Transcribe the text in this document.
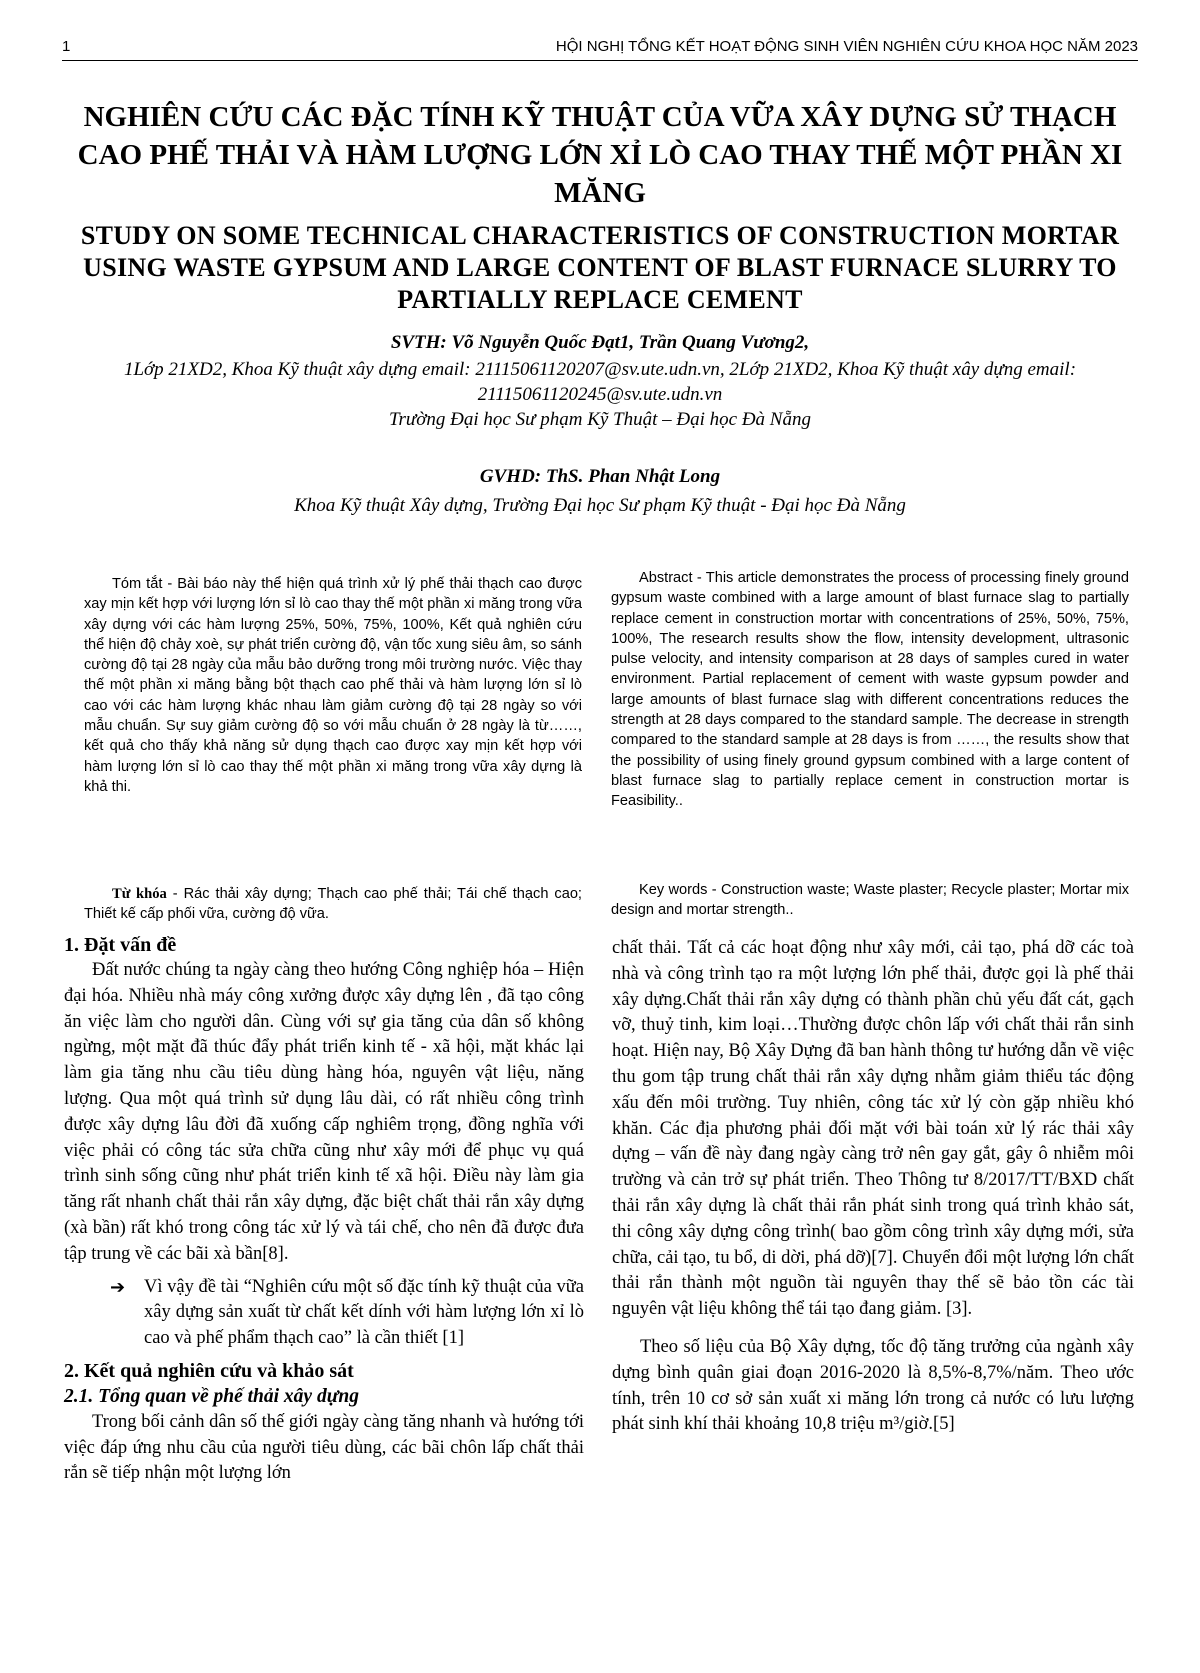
1	HỘI NGHỊ TỔNG KẾT HOẠT ĐỘNG SINH VIÊN NGHIÊN CỨU KHOA HỌC NĂM 2023
NGHIÊN CỨU CÁC ĐẶC TÍNH KỸ THUẬT CỦA VỮA XÂY DỰNG SỬ THẠCH CAO PHẾ THẢI VÀ HÀM LƯỢNG LỚN XỈ LÒ CAO THAY THẾ MỘT PHẦN XI MĂNG
STUDY ON SOME TECHNICAL CHARACTERISTICS OF CONSTRUCTION MORTAR USING WASTE GYPSUM AND LARGE CONTENT OF BLAST FURNACE SLURRY TO PARTIALLY REPLACE CEMENT
SVTH: Võ Nguyễn Quốc Đạt1, Trần Quang Vương2,
1Lớp 21XD2, Khoa Kỹ thuật xây dựng email: 21115061120207@sv.ute.udn.vn, 2Lớp 21XD2, Khoa Kỹ thuật xây dựng email: 21115061120245@sv.ute.udn.vn
Trường Đại học Sư phạm Kỹ Thuật – Đại học Đà Nẵng
GVHD: ThS. Phan Nhật Long
Khoa Kỹ thuật Xây dựng, Trường Đại học Sư phạm Kỹ thuật - Đại học Đà Nẵng

Tóm tắt - Bài báo này thể hiện quá trình xử lý phế thải thạch cao được xay mịn kết hợp với lượng lớn sỉ lò cao thay thế một phần xi măng trong vữa xây dựng với các hàm lượng 25%, 50%, 75%, 100%, Kết quả nghiên cứu thể hiện độ chảy xoè, sự phát triển cường độ, vận tốc xung siêu âm, so sánh cường độ tại 28 ngày của mẫu bảo dưỡng trong môi trường nước. Việc thay thế một phần xi măng bằng bột thạch cao phế thải và hàm lượng lớn sỉ lò cao với các hàm lượng khác nhau làm giảm cường độ tại 28 ngày so với mẫu chuẩn. Sự suy giảm cường độ so với mẫu chuẩn ở 28 ngày là từ……, kết quả cho thấy khả năng sử dụng thạch cao được xay mịn kết hợp với hàm lượng lớn sỉ lò cao thay thế một phần xi măng trong vữa xây dựng là khả thi.

Abstract - This article demonstrates the process of processing finely ground gypsum waste combined with a large amount of blast furnace slag to partially replace cement in construction mortar with concentrations of 25%, 50%, 75%, 100%, The research results show the flow, intensity development, ultrasonic pulse velocity, and intensity comparison at 28 days of samples cured in water environment. Partial replacement of cement with waste gypsum powder and large amounts of blast furnace slag with different concentrations reduces the strength at 28 days compared to the standard sample. The decrease in strength compared to the standard sample at 28 days is from ……, the results show that the possibility of using finely ground gypsum combined with a large content of blast furnace slag to partially replace cement in construction mortar is Feasibility..

Từ khóa - Rác thải xây dựng; Thạch cao phế thải; Tái chế thạch cao; Thiết kế cấp phối vữa, cường độ vữa.

Key words - Construction waste; Waste plaster; Recycle plaster; Mortar mix design and mortar strength..

1. Đặt vấn đề

Đất nước chúng ta ngày càng theo hướng Công nghiệp hóa – Hiện đại hóa. Nhiều nhà máy công xưởng được xây dựng lên , đã tạo công ăn việc làm cho người dân. Cùng với sự gia tăng của dân số không ngừng, một mặt đã thúc đẩy phát triển kinh tế - xã hội, mặt khác lại làm gia tăng nhu cầu tiêu dùng hàng hóa, nguyên vật liệu, năng lượng. Qua một quá trình sử dụng lâu dài, có rất nhiều công trình được xây dựng lâu đời đã xuống cấp nghiêm trọng, đồng nghĩa với việc phải có công tác sửa chữa cũng như xây mới để phục vụ quá trình sinh sống cũng như phát triển kinh tế xã hội. Điều này làm gia tăng rất nhanh chất thải rắn xây dựng, đặc biệt chất thải rắn xây dựng (xà bần) rất khó trong công tác xử lý và tái chế, cho nên đã được đưa tập trung về các bãi xà bần[8].

➔ Vì vậy đề tài “Nghiên cứu một số đặc tính kỹ thuật của vữa xây dựng sản xuất từ chất kết dính với hàm lượng lớn xỉ lò cao và phế phẩm thạch cao” là cần thiết [1]

2. Kết quả nghiên cứu và khảo sát

2.1. Tổng quan về phế thải xây dựng

Trong bối cảnh dân số thế giới ngày càng tăng nhanh và hướng tới việc đáp ứng nhu cầu của người tiêu dùng, các bãi chôn lấp chất thải rắn sẽ tiếp nhận một lượng lớn

chất thải. Tất cả các hoạt động như xây mới, cải tạo, phá dỡ các toà nhà và công trình tạo ra một lượng lớn phế thải, được gọi là phế thải xây dựng.Chất thải rắn xây dựng có thành phần chủ yếu đất cát, gạch vỡ, thuỷ tinh, kim loại…Thường được chôn lấp với chất thải rắn sinh hoạt. Hiện nay, Bộ Xây Dựng đã ban hành thông tư hướng dẫn về việc thu gom tập trung chất thải rắn xây dựng nhằm giảm thiểu tác động xấu đến môi trường. Tuy nhiên, công tác xử lý còn gặp nhiều khó khăn. Các địa phương phải đối mặt với bài toán xử lý rác thải xây dựng – vấn đề này đang ngày càng trở nên gay gắt, gây ô nhiễm môi trường và cản trở sự phát triển. Theo Thông tư 8/2017/TT/BXD chất thải rắn xây dựng là chất thải rắn phát sinh trong quá trình khảo sát, thi công xây dựng công trình( bao gồm công trình xây dựng mới, sửa chữa, cải tạo, tu bổ, di dời, phá dỡ)[7]. Chuyển đổi một lượng lớn chất thải rắn thành một nguồn tài nguyên thay thế sẽ bảo tồn các tài nguyên vật liệu không thể tái tạo đang giảm. [3].

Theo số liệu của Bộ Xây dựng, tốc độ tăng trưởng của ngành xây dựng bình quân giai đoạn 2016-2020 là 8,5%-8,7%/năm. Theo ước tính, trên 10 cơ sở sản xuất xi măng lớn trong cả nước có lưu lượng phát sinh khí thải khoảng 10,8 triệu m³/giờ.[5]
